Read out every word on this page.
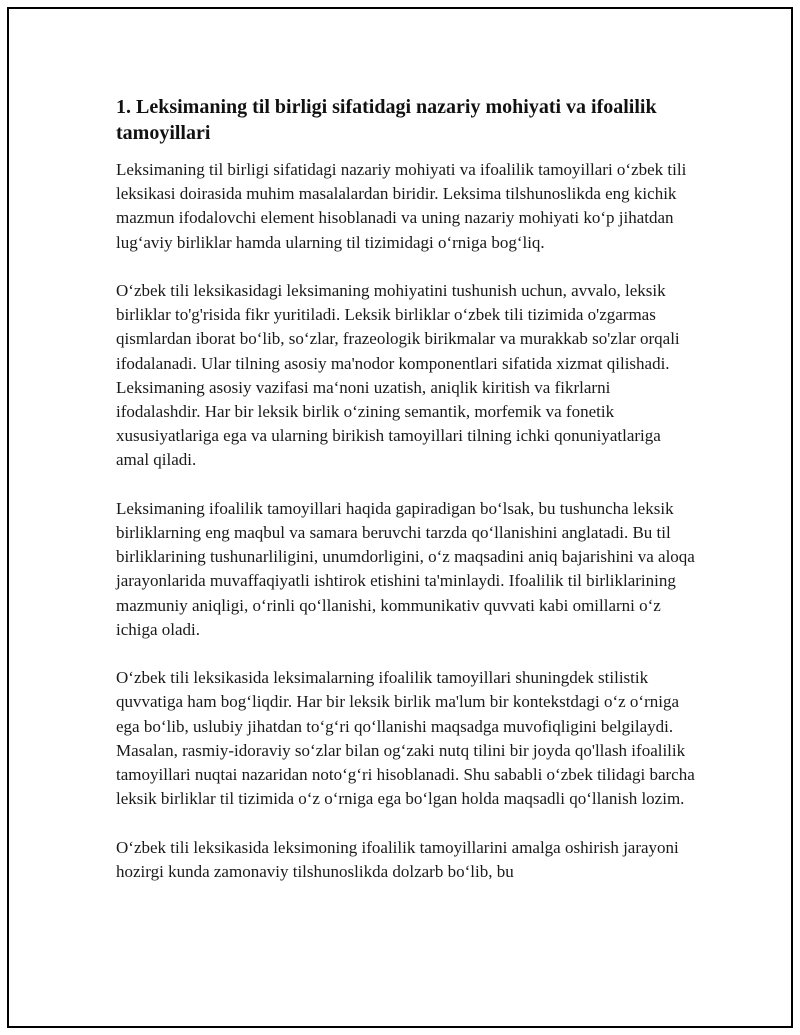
1. Leksimaning til birligi sifatidagi nazariy mohiyati va ifoalilik tamoyillari

Leksimaning til birligi sifatidagi nazariy mohiyati va ifoalilik tamoyillari o‘zbek tili leksikasi doirasida muhim masalalardan biridir. Leksima tilshunoslikda eng kichik mazmun ifodalovchi element hisoblanadi va uning nazariy mohiyati ko‘p jihatdan lug‘aviy birliklar hamda ularning til tizimidagi o‘rniga bog‘liq.

O‘zbek tili leksikasidagi leksimaning mohiyatini tushunish uchun, avvalo, leksik birliklar to'g'risida fikr yuritiladi. Leksik birliklar o‘zbek tili tizimida o'zgarmas qismlardan iborat bo‘lib, so‘zlar, frazeologik birikmalar va murakkab so'zlar orqali ifodalanadi. Ular tilning asosiy ma'nodor komponentlari sifatida xizmat qilishadi. Leksimaning asosiy vazifasi ma‘noni uzatish, aniqlik kiritish va fikrlarni ifodalashdir. Har bir leksik birlik o‘zining semantik, morfemik va fonetik xususiyatlariga ega va ularning birikish tamoyillari tilning ichki qonuniyatlariga amal qiladi.

Leksimaning ifoalilik tamoyillari haqida gapiradigan bo‘lsak, bu tushuncha leksik birliklarning eng maqbul va samara beruvchi tarzda qo‘llanishini anglatadi. Bu til birliklarining tushunarliligini, unumdorligini, o‘z maqsadini aniq bajarishini va aloqa jarayonlarida muvaffaqiyatli ishtirok etishini ta'minlaydi. Ifoalilik til birliklarining mazmuniy aniqligi, o‘rinli qo‘llanishi, kommunikativ quvvati kabi omillarni o‘z ichiga oladi.

O‘zbek tili leksikasida leksimalarning ifoalilik tamoyillari shuningdek stilistik quvvatiga ham bog‘liqdir. Har bir leksik birlik ma'lum bir kontekstdagi o‘z o‘rniga ega bo‘lib, uslubiy jihatdan to‘g‘ri qo‘llanishi maqsadga muvofiqligini belgilaydi. Masalan, rasmiy-idoraviy so‘zlar bilan og‘zaki nutq tilini bir joyda qo'llash ifoalilik tamoyillari nuqtai nazaridan noto‘g‘ri hisoblanadi. Shu sababli o‘zbek tilidagi barcha leksik birliklar til tizimida o‘z o‘rniga ega bo‘lgan holda maqsadli qo‘llanish lozim.

O‘zbek tili leksikasida leksimoning ifoalilik tamoyillarini amalga oshirish jarayoni hozirgi kunda zamonaviy tilshunoslikda dolzarb bo‘lib, bu
